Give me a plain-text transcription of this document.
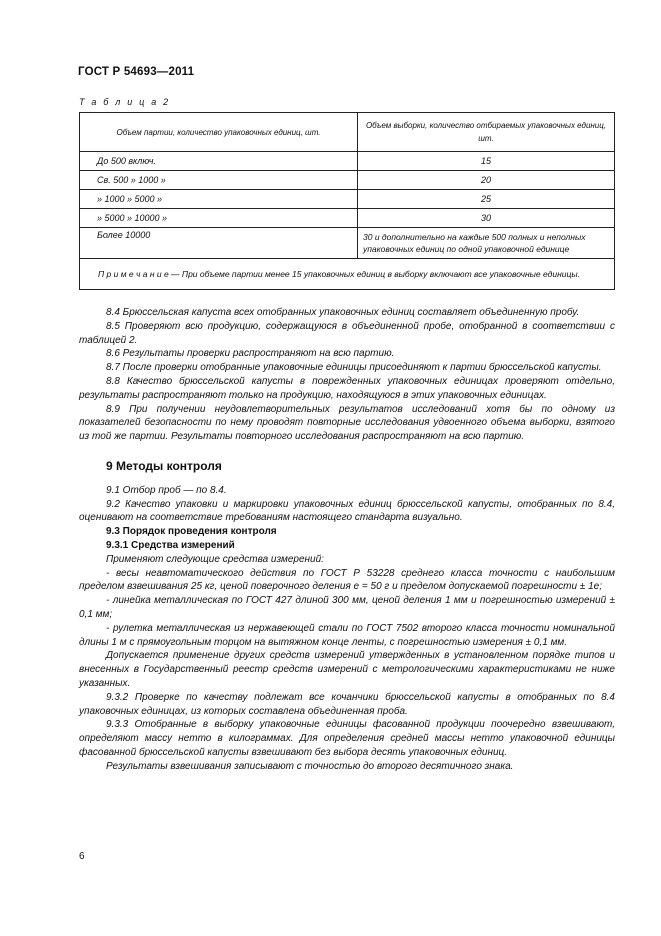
ГОСТ Р 54693—2011
Т а б л и ц а 2
Объем партии, количество упаковочных единиц, шт.	Объем выборки, количество отбираемых упаковочных единиц, шт.
До 500 включ.	15
Св. 500 » 1000 »	20
» 1000 » 5000 »	25
» 5000 » 10000 »	30
Более 10000	30 и дополнительно на каждые 500 полных и неполных упаковочных единиц по одной упаковочной единице
П р и м е ч а н и е — При объеме партии менее 15 упаковочных единиц в выборку включают все упаковочные единицы.	

8.4 Брюссельская капуста всех отобранных упаковочных единиц составляет объединенную пробу.

8.5 Проверяют всю продукцию, содержащуюся в объединенной пробе, отобранной в соответствии с таблицей 2.

8.6 Результаты проверки распространяют на всю партию.

8.7 После проверки отобранные упаковочные единицы присоединяют к партии брюссельской капусты.

8.8 Качество брюссельской капусты в поврежденных упаковочных единицах проверяют отдельно, результаты распространяют только на продукцию, находящуюся в этих упаковочных единицах.

8.9 При получении неудовлетворительных результатов исследований хотя бы по одному из показателей безопасности по нему проводят повторные исследования удвоенного объема выборки, взятого из той же партии. Результаты повторного исследования распространяют на всю партию.

9 Методы контроля

9.1 Отбор проб — по 8.4.

9.2 Качество упаковки и маркировки упаковочных единиц брюссельской капусты, отобранных по 8.4, оценивают на соответствие требованиям настоящего стандарта визуально.

9.3 Порядок проведения контроля

9.3.1 Средства измерений

Применяют следующие средства измерений:

- весы неавтоматического действия по ГОСТ Р 53228 среднего класса точности с наибольшим пределом взвешивания 25 кг, ценой поверочного деления е = 50 г и пределом допускаемой погрешности ± 1е;

- линейка металлическая по ГОСТ 427 длиной 300 мм, ценой деления 1 мм и погрешностью измерений ± 0,1 мм;

- рулетка металлическая из нержавеющей стали по ГОСТ 7502 второго класса точности номинальной длины 1 м с прямоугольным торцом на вытяжном конце ленты, с погрешностью измерения ± 0,1 мм.

Допускается применение других средств измерений утвержденных в установленном порядке типов и внесенных в Государственный реестр средств измерений с метрологическими характеристиками не ниже указанных.

9.3.2 Проверке по качеству подлежат все кочанчики брюссельской капусты в отобранных по 8.4 упаковочных единицах, из которых составлена объединенная проба.

9.3.3 Отобранные в выборку упаковочные единицы фасованной продукции поочередно взвешивают, определяют массу нетто в килограммах. Для определения средней массы нетто упаковочной единицы фасованной брюссельской капусты взвешивают без выбора десять упаковочных единиц.

Результаты взвешивания записывают с точностью до второго десятичного знака.

6
